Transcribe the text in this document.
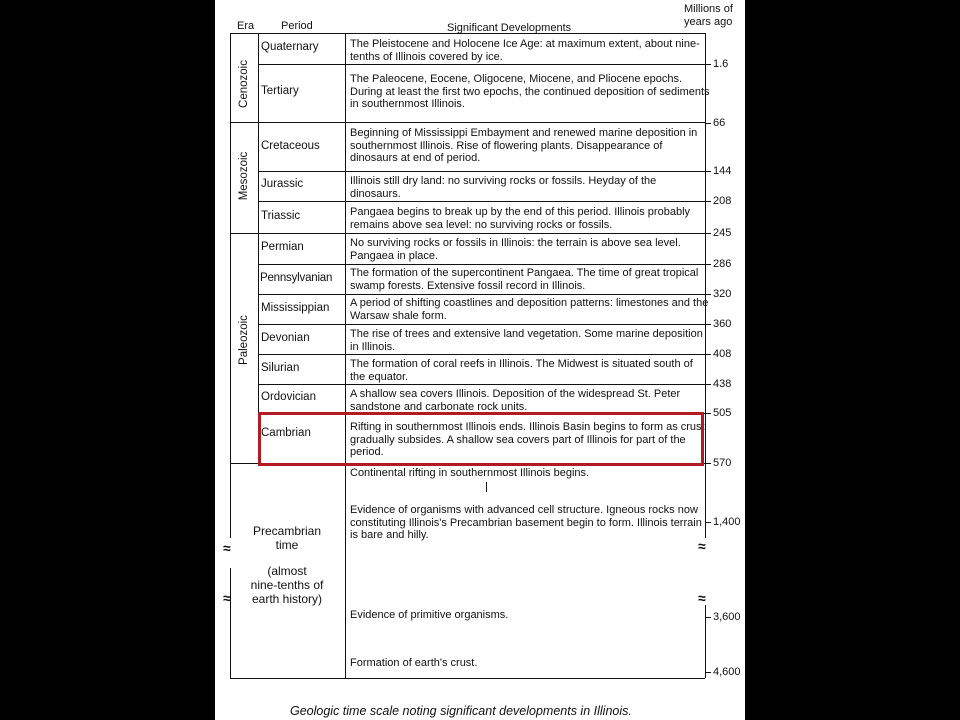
Era Period	Significant Developments
Millions of
years ago
Cenozoic
Mesozoic
Paleozoic
Precambrian
time
(almost
nine-tenths of
earth history)
Quaternary
Tertiary
Cretaceous
Jurassic
Triassic
Permian
Pennsylvanian
Mississippian
Devonian
Silurian
Ordovician
Cambrian
The Pleistocene and Holocene Ice Age: at maximum extent, about nine-tenths of Illinois covered by ice.
The Paleocene, Eocene, Oligocene, Miocene, and Pliocene epochs. During at least the first two epochs, the continued deposition of sediments in southernmost Illinois.
Beginning of Mississippi Embayment and renewed marine deposition in southernmost Illinois. Rise of flowering plants. Disappearance of dinosaurs at end of period.
Illinois still dry land: no surviving rocks or fossils. Heyday of the dinosaurs.
Pangaea begins to break up by the end of this period. Illinois probably remains above sea level: no surviving rocks or fossils.
No surviving rocks or fossils in Illinois: the terrain is above sea level. Pangaea in place.
The formation of the supercontinent Pangaea. The time of great tropical swamp forests. Extensive fossil record in Illinois.
A period of shifting coastlines and deposition patterns: limestones and the Warsaw shale form.
The rise of trees and extensive land vegetation. Some marine deposition in Illinois.
The formation of coral reefs in Illinois. The Midwest is situated south of the equator.
A shallow sea covers Illinois. Deposition of the widespread St. Peter sandstone and carbonate rock units.
Rifting in southernmost Illinois ends. Illinois Basin begins to form as crust gradually subsides. A shallow sea covers part of Illinois for part of the period.
Continental rifting in southernmost Illinois begins.
Evidence of organisms with advanced cell structure. Igneous rocks now constituting Illinois's Precambrian basement begin to form. Illinois terrain is bare and hilly.
Evidence of primitive organisms.
Formation of earth's crust.
1.6
66
144
208
245
286
320
360
408
438
505
570
1,400
3,600
4,600
≈
≈
≈
≈
Geologic time scale noting significant developments in Illinois.
